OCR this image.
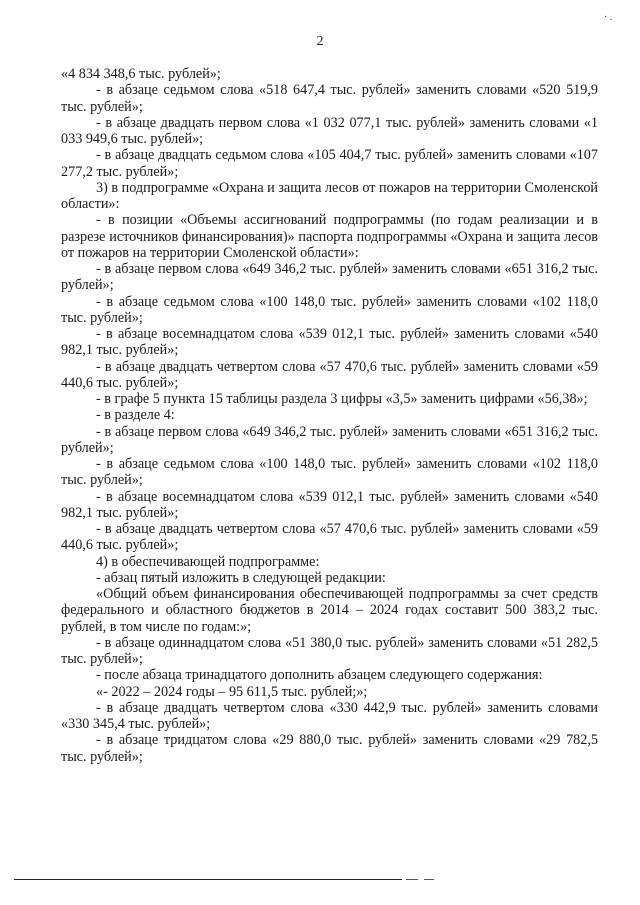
· .
2

«4 834 348,6 тыс. рублей»;

- в абзаце седьмом слова «518 647,4 тыс. рублей» заменить словами «520 519,9 тыс. рублей»;

- в абзаце двадцать первом слова «1 032 077,1 тыс. рублей» заменить словами «1 033 949,6 тыс. рублей»;

- в абзаце двадцать седьмом слова «105 404,7 тыс. рублей» заменить словами «107 277,2 тыс. рублей»;

3) в подпрограмме «Охрана и защита лесов от пожаров на территории Смоленской области»:

- в позиции «Объемы ассигнований подпрограммы (по годам реализации и в разрезе источников финансирования)» паспорта подпрограммы «Охрана и защита лесов от пожаров на территории Смоленской области»:

- в абзаце первом слова «649 346,2 тыс. рублей» заменить словами «651 316,2 тыс. рублей»;

- в абзаце седьмом слова «100 148,0 тыс. рублей» заменить словами «102 118,0 тыс. рублей»;

- в абзаце восемнадцатом слова «539 012,1 тыс. рублей» заменить словами «540 982,1 тыс. рублей»;

- в абзаце двадцать четвертом слова «57 470,6 тыс. рублей» заменить словами «59 440,6 тыс. рублей»;

- в графе 5 пункта 15 таблицы раздела 3 цифры «3,5» заменить цифрами «56,38»;

- в разделе 4:

- в абзаце первом слова «649 346,2 тыс. рублей» заменить словами «651 316,2 тыс. рублей»;

- в абзаце седьмом слова «100 148,0 тыс. рублей» заменить словами «102 118,0 тыс. рублей»;

- в абзаце восемнадцатом слова «539 012,1 тыс. рублей» заменить словами «540 982,1 тыс. рублей»;

- в абзаце двадцать четвертом слова «57 470,6 тыс. рублей» заменить словами «59 440,6 тыс. рублей»;

4) в обеспечивающей подпрограмме:

- абзац пятый изложить в следующей редакции:

«Общий объем финансирования обеспечивающей подпрограммы за счет средств федерального и областного бюджетов в 2014 – 2024 годах составит 500 383,2 тыс. рублей, в том числе по годам:»;

- в абзаце одиннадцатом слова «51 380,0 тыс. рублей» заменить словами «51 282,5 тыс. рублей»;

- после абзаца тринадцатого дополнить абзацем следующего содержания:

«- 2022 – 2024 годы – 95 611,5 тыс. рублей;»;

- в абзаце двадцать четвертом слова «330 442,9 тыс. рублей» заменить словами «330 345,4 тыс. рублей»;

- в абзаце тридцатом слова «29 880,0 тыс. рублей» заменить словами «29 782,5 тыс. рублей»;
